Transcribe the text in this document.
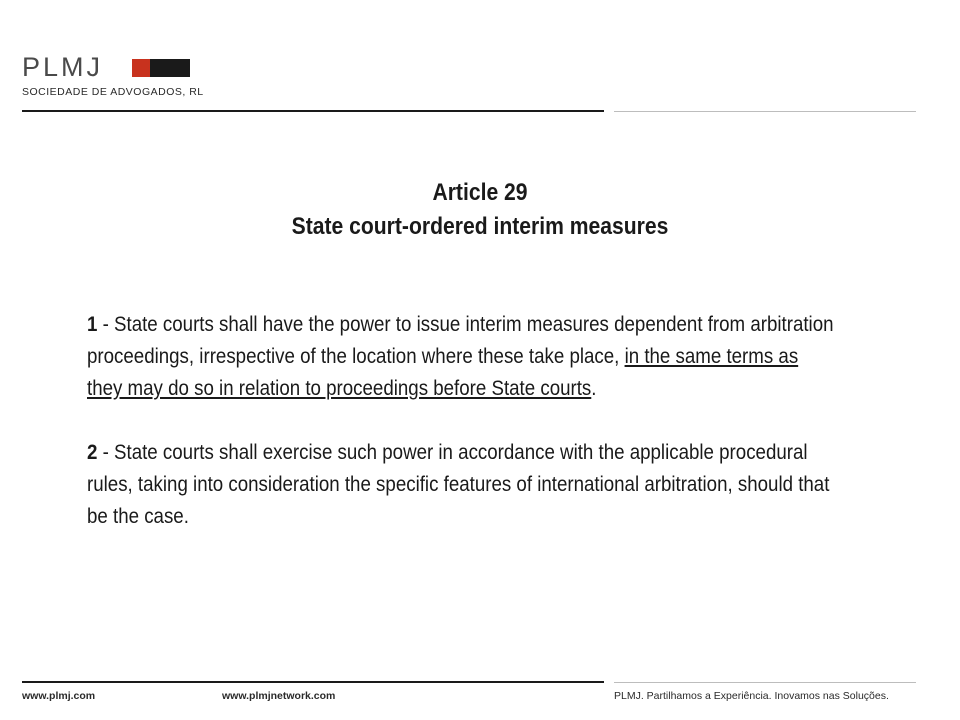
PLMJ
SOCIEDADE DE ADVOGADOS, RL
Article 29
State court-ordered interim measures

1 - State courts shall have the power to issue interim measures dependent from arbitration proceedings, irrespective of the location where these take place, in the same terms as they may do so in relation to proceedings before State courts.

2 - State courts shall exercise such power in accordance with the applicable procedural rules, taking into consideration the specific features of international arbitration, should that be the case.

www.plmj.com	www.plmjnetwork.com	PLMJ. Partilhamos a Experiência. Inovamos nas Soluções.
